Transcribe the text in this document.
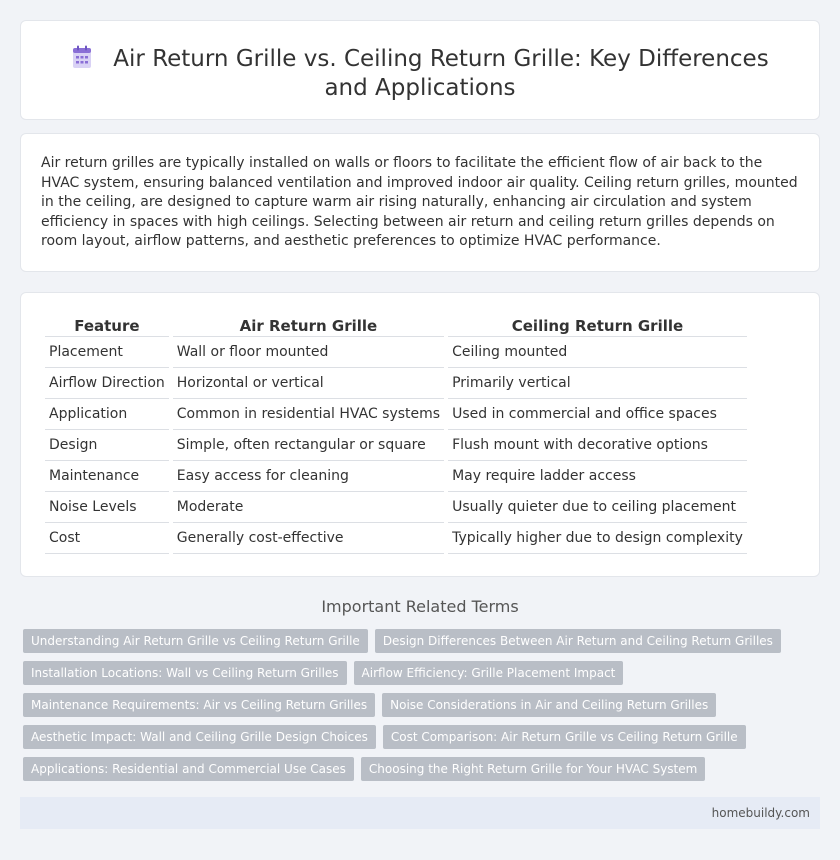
Air Return Grille vs. Ceiling Return Grille: Key Differences and Applications

Air return grilles are typically installed on walls or floors to facilitate the efficient flow of air back to the HVAC system, ensuring balanced ventilation and improved indoor air quality. Ceiling return grilles, mounted in the ceiling, are designed to capture warm air rising naturally, enhancing air circulation and system efficiency in spaces with high ceilings. Selecting between air return and ceiling return grilles depends on room layout, airflow patterns, and aesthetic preferences to optimize HVAC performance.

Feature	Air Return Grille	Ceiling Return Grille
Placement	Wall or floor mounted	Ceiling mounted
Airflow Direction	Horizontal or vertical	Primarily vertical
Application	Common in residential HVAC systems	Used in commercial and office spaces
Design	Simple, often rectangular or square	Flush mount with decorative options
Maintenance	Easy access for cleaning	May require ladder access
Noise Levels	Moderate	Usually quieter due to ceiling placement
Cost	Generally cost-effective	Typically higher due to design complexity
Important Related Terms
Understanding Air Return Grille vs Ceiling Return Grille	Design Differences Between Air Return and Ceiling Return Grilles
Installation Locations: Wall vs Ceiling Return Grilles	Airflow Efficiency: Grille Placement Impact
Maintenance Requirements: Air vs Ceiling Return Grilles	Noise Considerations in Air and Ceiling Return Grilles
Aesthetic Impact: Wall and Ceiling Grille Design Choices	Cost Comparison: Air Return Grille vs Ceiling Return Grille
Applications: Residential and Commercial Use Cases	Choosing the Right Return Grille for Your HVAC System
homebuildy.com
